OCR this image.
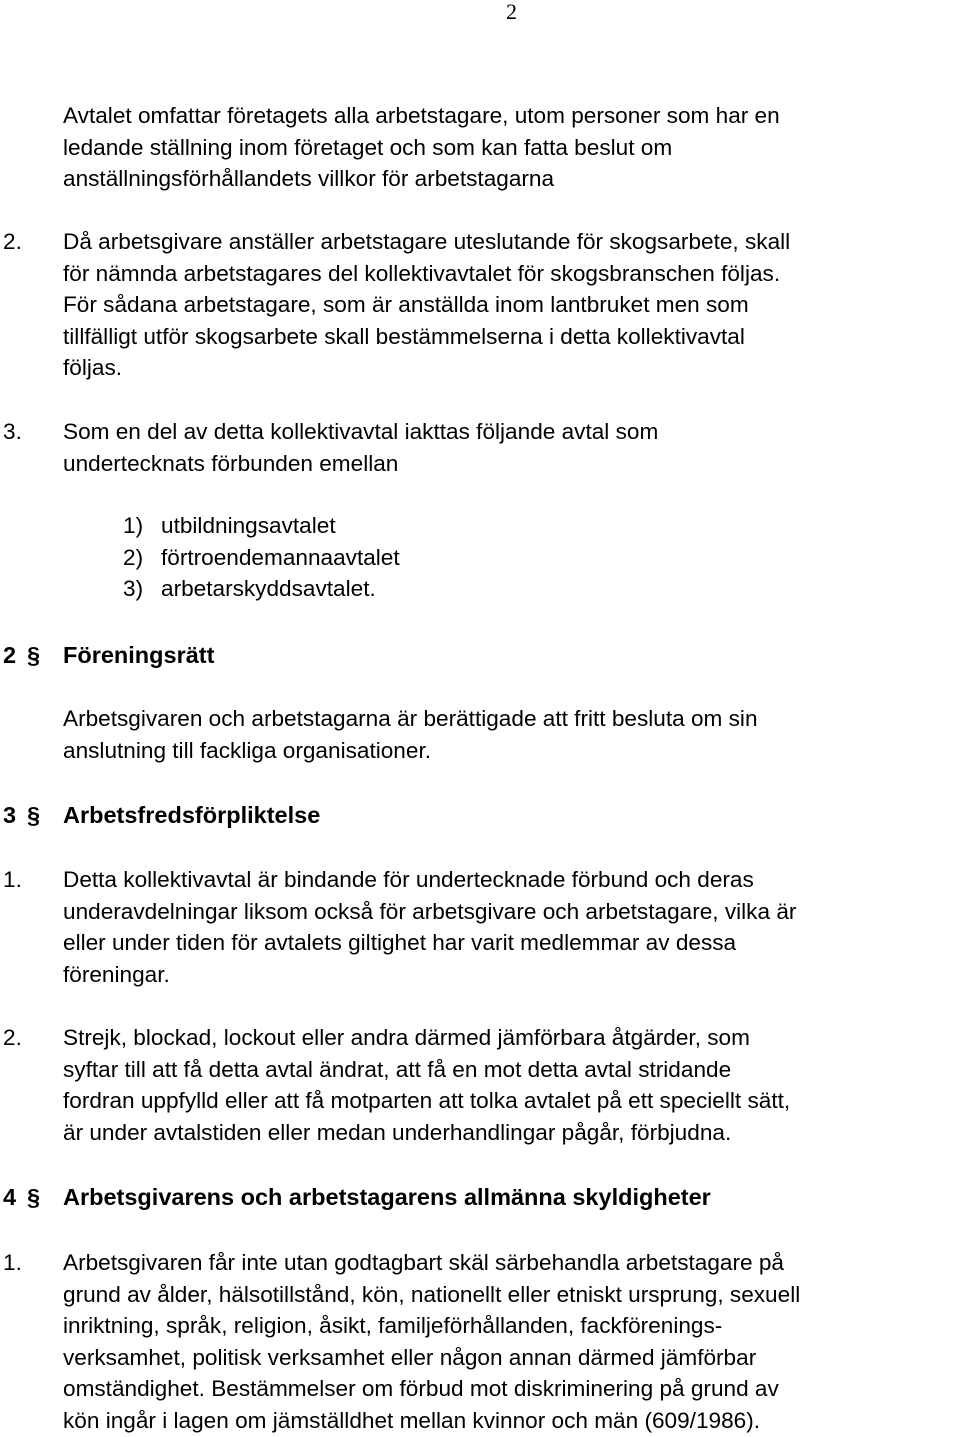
2
Avtalet omfattar företagets alla arbetstagare, utom personer som har en
ledande ställning inom företaget och som kan fatta beslut om
anställningsförhållandets villkor för arbetstagarna
2. Då arbetsgivare anställer arbetstagare uteslutande för skogsarbete, skall
för nämnda arbetstagares del kollektivavtalet för skogsbranschen följas.
För sådana arbetstagare, som är anställda inom lantbruket men som
tillfälligt utför skogsarbete skall bestämmelserna i detta kollektivavtal
följas.
3. Som en del av detta kollektivavtal iakttas följande avtal som
undertecknats förbunden emellan
1) utbildningsavtalet
2) förtroendemannaavtalet
3) arbetarskyddsavtalet.
2 § Föreningsrätt
Arbetsgivaren och arbetstagarna är berättigade att fritt besluta om sin
anslutning till fackliga organisationer.
3 § Arbetsfredsförpliktelse
1. Detta kollektivavtal är bindande för undertecknade förbund och deras
underavdelningar liksom också för arbetsgivare och arbetstagare, vilka är
eller under tiden för avtalets giltighet har varit medlemmar av dessa
föreningar.
2. Strejk, blockad, lockout eller andra därmed jämförbara åtgärder, som
syftar till att få detta avtal ändrat, att få en mot detta avtal stridande
fordran uppfylld eller att få motparten att tolka avtalet på ett speciellt sätt,
är under avtalstiden eller medan underhandlingar pågår, förbjudna.
4 § Arbetsgivarens och arbetstagarens allmänna skyldigheter
1. Arbetsgivaren får inte utan godtagbart skäl särbehandla arbetstagare på
grund av ålder, hälsotillstånd, kön, nationellt eller etniskt ursprung, sexuell
inriktning, språk, religion, åsikt, familjeförhållanden, fackförenings-
verksamhet, politisk verksamhet eller någon annan därmed jämförbar
omständighet. Bestämmelser om förbud mot diskriminering på grund av
kön ingår i lagen om jämställdhet mellan kvinnor och män (609/1986).
